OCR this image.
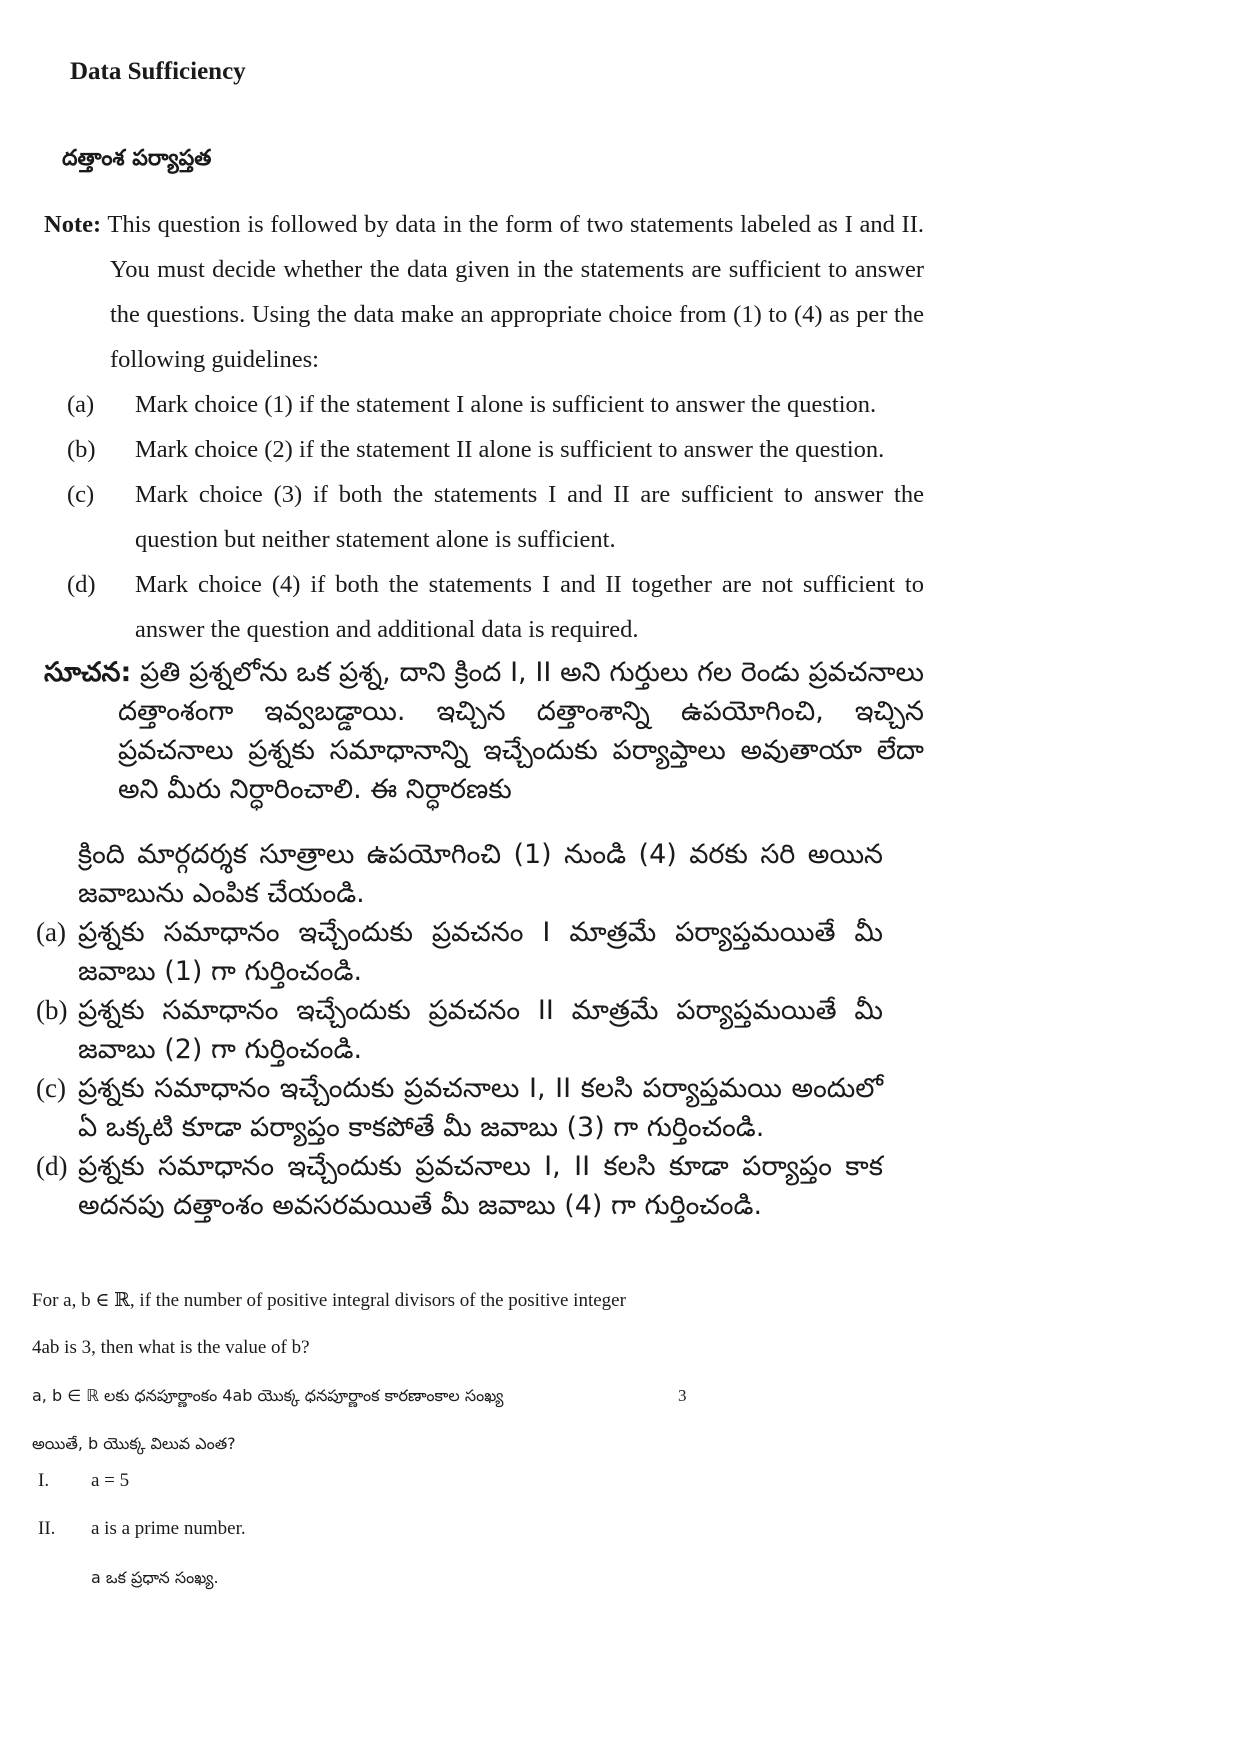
Data Sufficiency
దత్తాంశ పర్యాప్తత
Note: This question is followed by data in the form of two statements labeled as I and II. You must decide whether the data given in the statements are sufficient to answer the questions. Using the data make an appropriate choice from (1) to (4) as per the following guidelines:
(a)	Mark choice (1) if the statement I alone is sufficient to answer the question.
(b)	Mark choice (2) if the statement II alone is sufficient to answer the question.
(c)	Mark choice (3) if both the statements I and II are sufficient to answer the question but neither statement alone is sufficient.
(d)	Mark choice (4) if both the statements I and II together are not sufficient to answer the question and additional data is required.
సూచన: ప్రతి ప్రశ్నలోను ఒక ప్రశ్న, దాని క్రింద I, II అని గుర్తులు గల రెండు ప్రవచనాలు దత్తాంశంగా ఇవ్వబడ్డాయి. ఇచ్చిన దత్తాంశాన్ని ఉపయోగించి, ఇచ్చిన ప్రవచనాలు ప్రశ్నకు సమాధానాన్ని ఇచ్చేందుకు పర్యాప్తాలు అవుతాయా లేదా అని మీరు నిర్ధారించాలి. ఈ నిర్ధారణకు
క్రింది మార్గదర్శక సూత్రాలు ఉపయోగించి (1) నుండి (4) వరకు సరి అయిన జవాబును ఎంపిక చేయండి.
(a) ప్రశ్నకు సమాధానం ఇచ్చేందుకు ప్రవచనం I మాత్రమే పర్యాప్తమయితే మీ జవాబు (1) గా గుర్తించండి.
(b) ప్రశ్నకు సమాధానం ఇచ్చేందుకు ప్రవచనం II మాత్రమే పర్యాప్తమయితే మీ జవాబు (2) గా గుర్తించండి.
(c) ప్రశ్నకు సమాధానం ఇచ్చేందుకు ప్రవచనాలు I, II కలసి పర్యాప్తమయి అందులో ఏ ఒక్కటి కూడా పర్యాప్తం కాకపోతే మీ జవాబు (3) గా గుర్తించండి.
(d) ప్రశ్నకు సమాధానం ఇచ్చేందుకు ప్రవచనాలు I, II కలసి కూడా పర్యాప్తం కాక అదనపు దత్తాంశం అవసరమయితే మీ జవాబు (4) గా గుర్తించండి.
For a, b ∈ ℝ, if the number of positive integral divisors of the positive integer
4ab is 3, then what is the value of b?
a, b ∈ ℝ లకు ధనపూర్ణాంకం 4ab యొక్క ధనపూర్ణాంక కారణాంకాల సంఖ్య	3
అయితే, b యొక్క విలువ ఎంత?
I. a = 5
II. a is a prime number.
a ఒక ప్రధాన సంఖ్య.
